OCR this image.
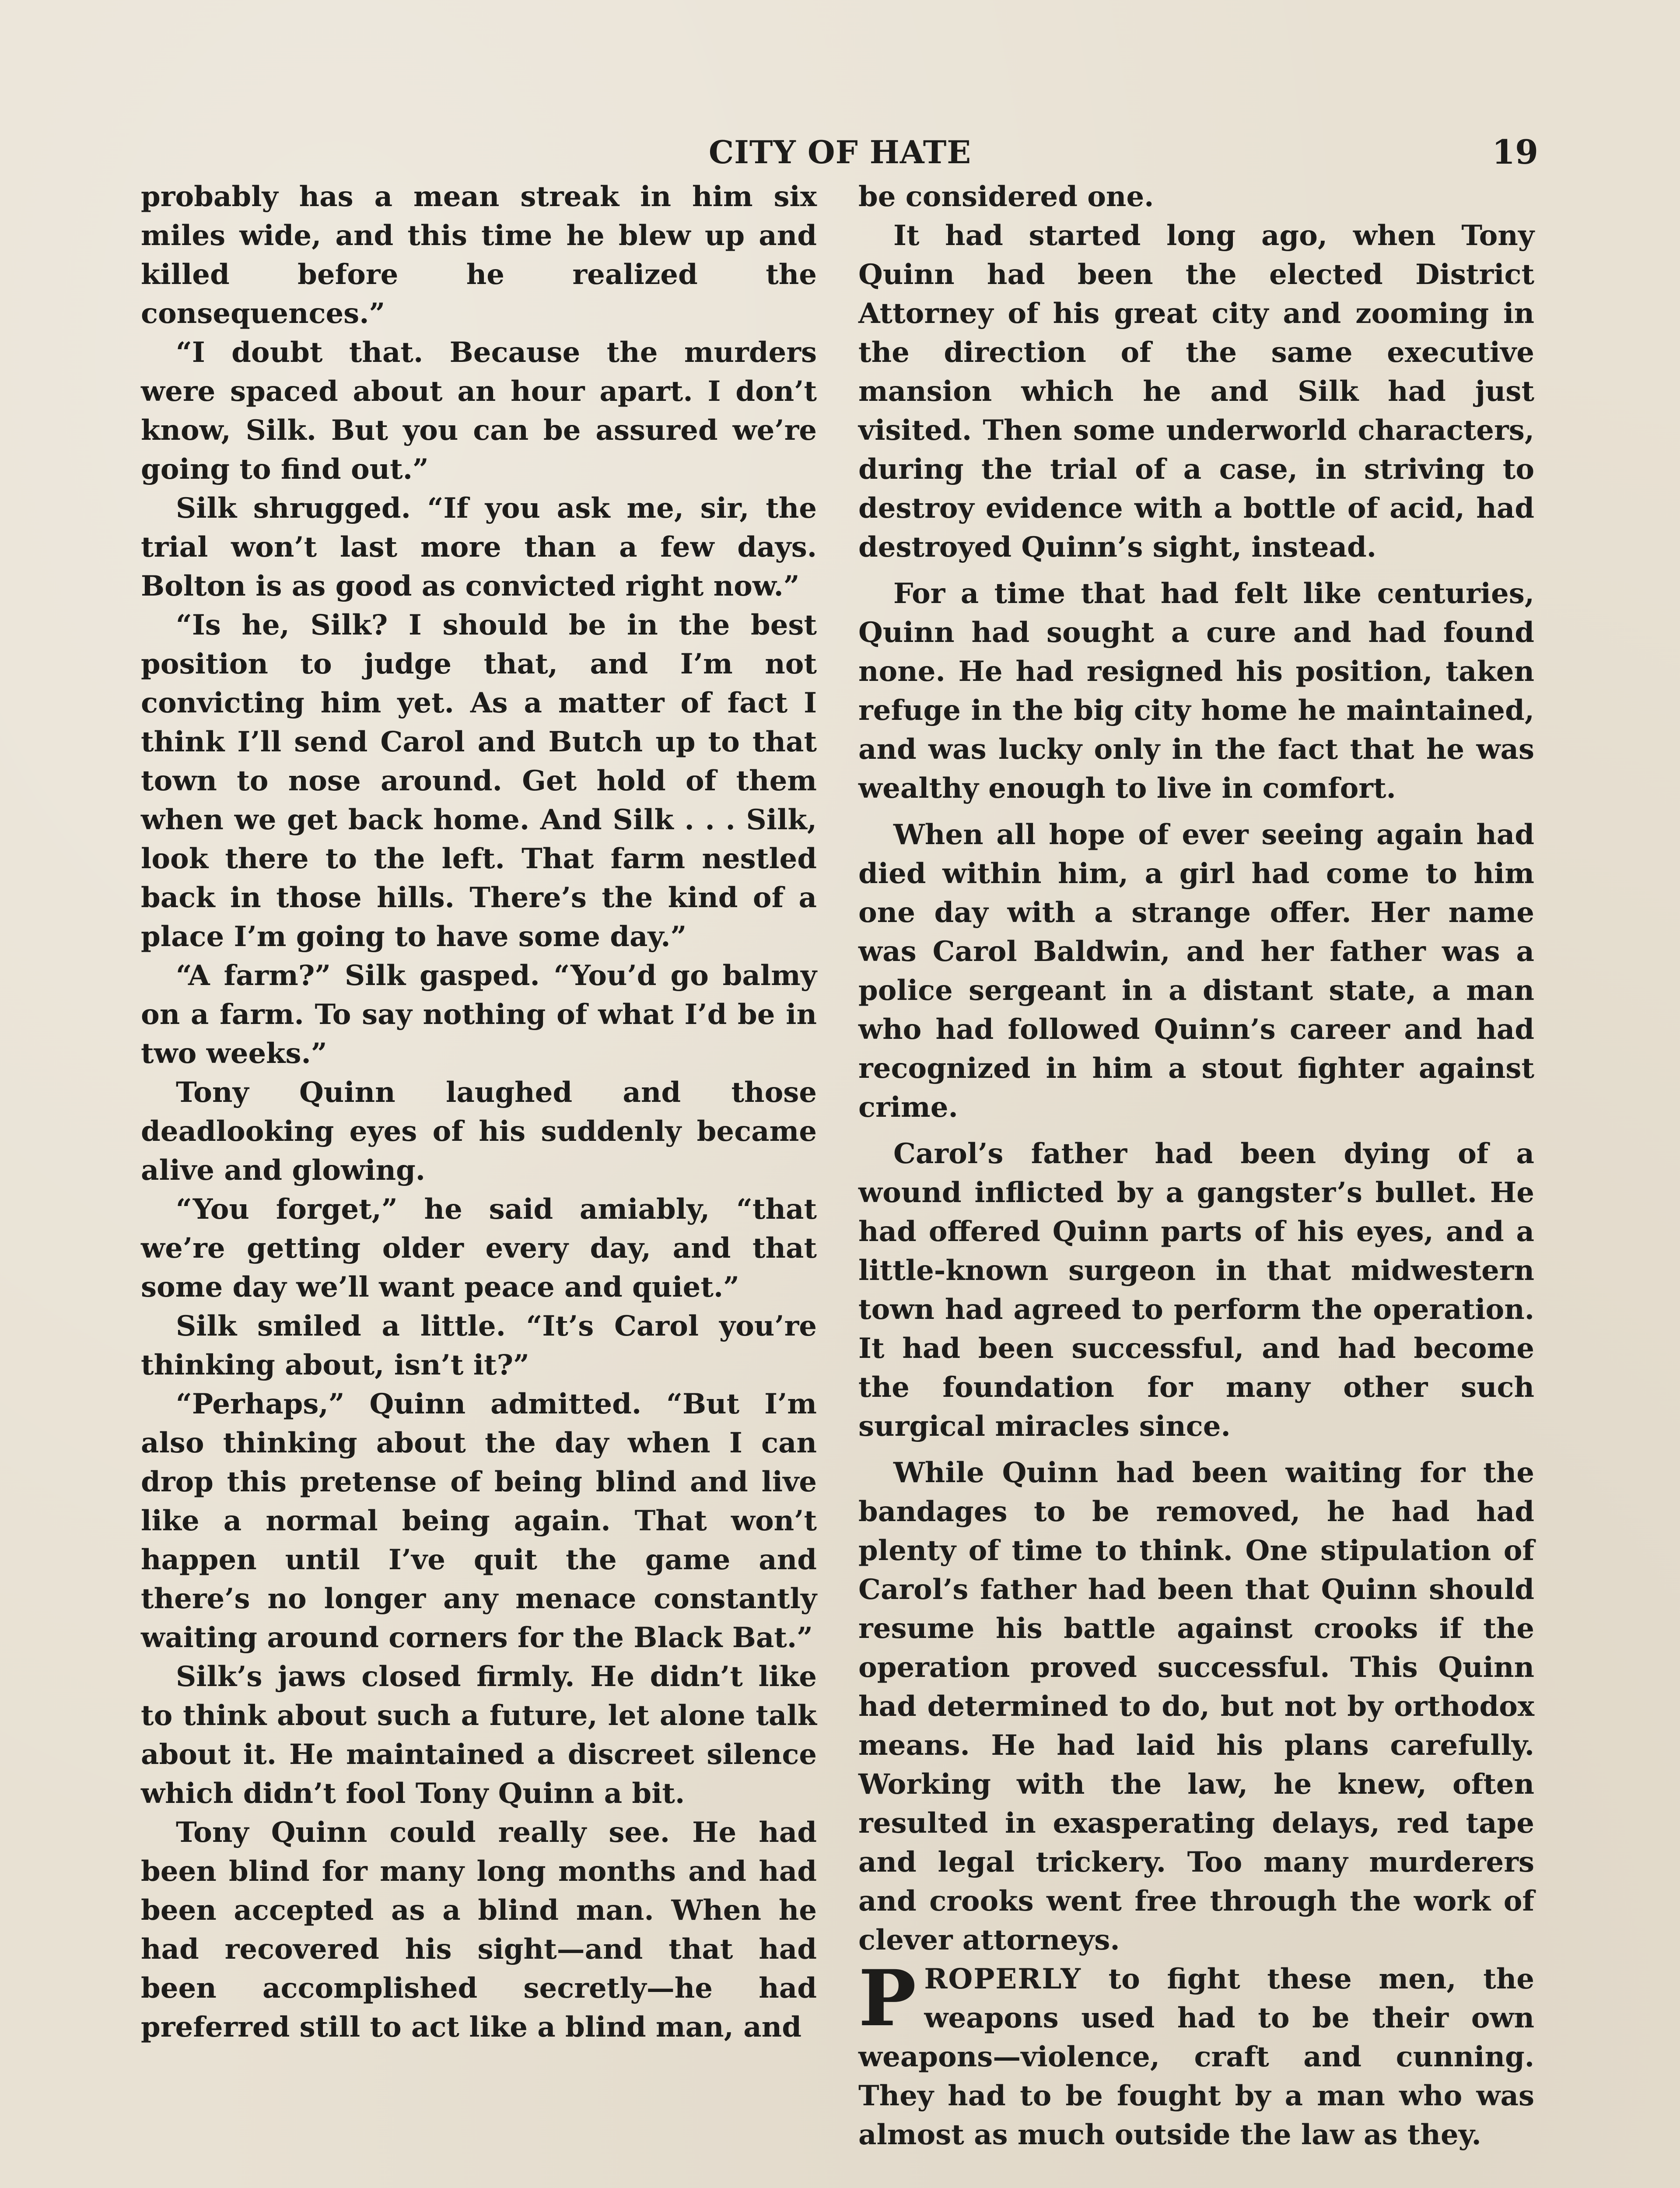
CITY OF HATE	19

probably has a mean streak in him six miles wide, and this time he blew up and killed before he realized the consequences.”

“I doubt that. Because the murders were spaced about an hour apart. I don’t know, Silk. But you can be assured we’re going to find out.”

Silk shrugged. “If you ask me, sir, the trial won’t last more than a few days. Bolton is as good as convicted right now.”

“Is he, Silk? I should be in the best position to judge that, and I’m not convicting him yet. As a matter of fact I think I’ll send Carol and Butch up to that town to nose around. Get hold of them when we get back home. And Silk . . . Silk, look there to the left. That farm nestled back in those hills. There’s the kind of a place I’m going to have some day.”

“A farm?” Silk gasped. “You’d go balmy on a farm. To say nothing of what I’d be in two weeks.”

Tony Quinn laughed and those deadlooking eyes of his suddenly became alive and glowing.

“You forget,” he said amiably, “that we’re getting older every day, and that some day we’ll want peace and quiet.”

Silk smiled a little. “It’s Carol you’re thinking about, isn’t it?”

“Perhaps,” Quinn admitted. “But I’m also thinking about the day when I can drop this pretense of being blind and live like a normal being again. That won’t happen until I’ve quit the game and there’s no longer any menace constantly waiting around corners for the Black Bat.”

Silk’s jaws closed firmly. He didn’t like to think about such a future, let alone talk about it. He maintained a discreet silence which didn’t fool Tony Quinn a bit.

Tony Quinn could really see. He had been blind for many long months and had been accepted as a blind man. When he had recovered his sight—and that had been accomplished secretly—he had preferred still to act like a blind man, and

be considered one.

It had started long ago, when Tony Quinn had been the elected District Attorney of his great city and zooming in the direction of the same executive mansion which he and Silk had just visited. Then some underworld characters, during the trial of a case, in striving to destroy evidence with a bottle of acid, had destroyed Quinn’s sight, instead.

For a time that had felt like centuries, Quinn had sought a cure and had found none. He had resigned his position, taken refuge in the big city home he maintained, and was lucky only in the fact that he was wealthy enough to live in comfort.

When all hope of ever seeing again had died within him, a girl had come to him one day with a strange offer. Her name was Carol Baldwin, and her father was a police sergeant in a distant state, a man who had followed Quinn’s career and had recognized in him a stout fighter against crime.

Carol’s father had been dying of a wound inflicted by a gangster’s bullet. He had offered Quinn parts of his eyes, and a little-known surgeon in that midwestern town had agreed to perform the operation. It had been successful, and had become the foundation for many other such surgical miracles since.

While Quinn had been waiting for the bandages to be removed, he had had plenty of time to think. One stipulation of Carol’s father had been that Quinn should resume his battle against crooks if the operation proved successful. This Quinn had determined to do, but not by orthodox means. He had laid his plans carefully. Working with the law, he knew, often resulted in exasperating delays, red tape and legal trickery. Too many murderers and crooks went free through the work of clever attorneys.

PROPERLY to fight these men, the weapons used had to be their own weapons—violence, craft and cunning. They had to be fought by a man who was almost as much outside the law as they.
